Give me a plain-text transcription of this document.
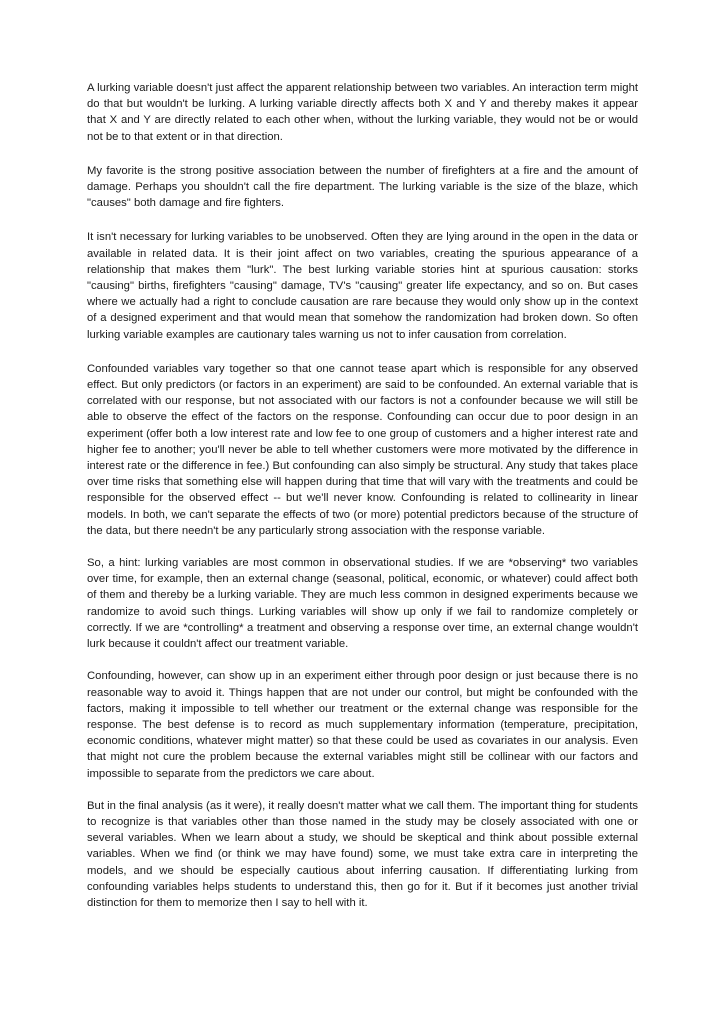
A lurking variable doesn't just affect the apparent relationship between two variables. An interaction term might do that but wouldn't be lurking. A lurking variable directly affects both X and Y and thereby makes it appear that X and Y are directly related to each other when, without the lurking variable, they would not be or would not be to that extent or in that direction.

My favorite is the strong positive association between the number of firefighters at a fire and the amount of damage. Perhaps you shouldn't call the fire department. The lurking variable is the size of the blaze, which "causes" both damage and fire fighters.

It isn't necessary for lurking variables to be unobserved. Often they are lying around in the open in the data or available in related data. It is their joint affect on two variables, creating the spurious appearance of a relationship that makes them "lurk". The best lurking variable stories hint at spurious causation: storks "causing" births, firefighters "causing" damage, TV's "causing" greater life expectancy, and so on. But cases where we actually had a right to conclude causation are rare because they would only show up in the context of a designed experiment and that would mean that somehow the randomization had broken down. So often lurking variable examples are cautionary tales warning us not to infer causation from correlation.

Confounded variables vary together so that one cannot tease apart which is responsible for any observed effect. But only predictors (or factors in an experiment) are said to be confounded. An external variable that is correlated with our response, but not associated with our factors is not a confounder because we will still be able to observe the effect of the factors on the response. Confounding can occur due to poor design in an experiment (offer both a low interest rate and low fee to one group of customers and a higher interest rate and higher fee to another; you'll never be able to tell whether customers were more motivated by the difference in interest rate or the difference in fee.) But confounding can also simply be structural. Any study that takes place over time risks that something else will happen during that time that will vary with the treatments and could be responsible for the observed effect -- but we'll never know. Confounding is related to collinearity in linear models. In both, we can't separate the effects of two (or more) potential predictors because of the structure of the data, but there needn't be any particularly strong association with the response variable.

So, a hint: lurking variables are most common in observational studies. If we are *observing* two variables over time, for example, then an external change (seasonal, political, economic, or whatever) could affect both of them and thereby be a lurking variable. They are much less common in designed experiments because we randomize to avoid such things. Lurking variables will show up only if we fail to randomize completely or correctly. If we are *controlling* a treatment and observing a response over time, an external change wouldn't lurk because it couldn't affect our treatment variable.

Confounding, however, can show up in an experiment either through poor design or just because there is no reasonable way to avoid it. Things happen that are not under our control, but might be confounded with the factors, making it impossible to tell whether our treatment or the external change was responsible for the response. The best defense is to record as much supplementary information (temperature, precipitation, economic conditions, whatever might matter) so that these could be used as covariates in our analysis. Even that might not cure the problem because the external variables might still be collinear with our factors and impossible to separate from the predictors we care about.

But in the final analysis (as it were), it really doesn't matter what we call them. The important thing for students to recognize is that variables other than those named in the study may be closely associated with one or several variables. When we learn about a study, we should be skeptical and think about possible external variables. When we find (or think we may have found) some, we must take extra care in interpreting the models, and we should be especially cautious about inferring causation. If differentiating lurking from confounding variables helps students to understand this, then go for it. But if it becomes just another trivial distinction for them to memorize then I say to hell with it.
